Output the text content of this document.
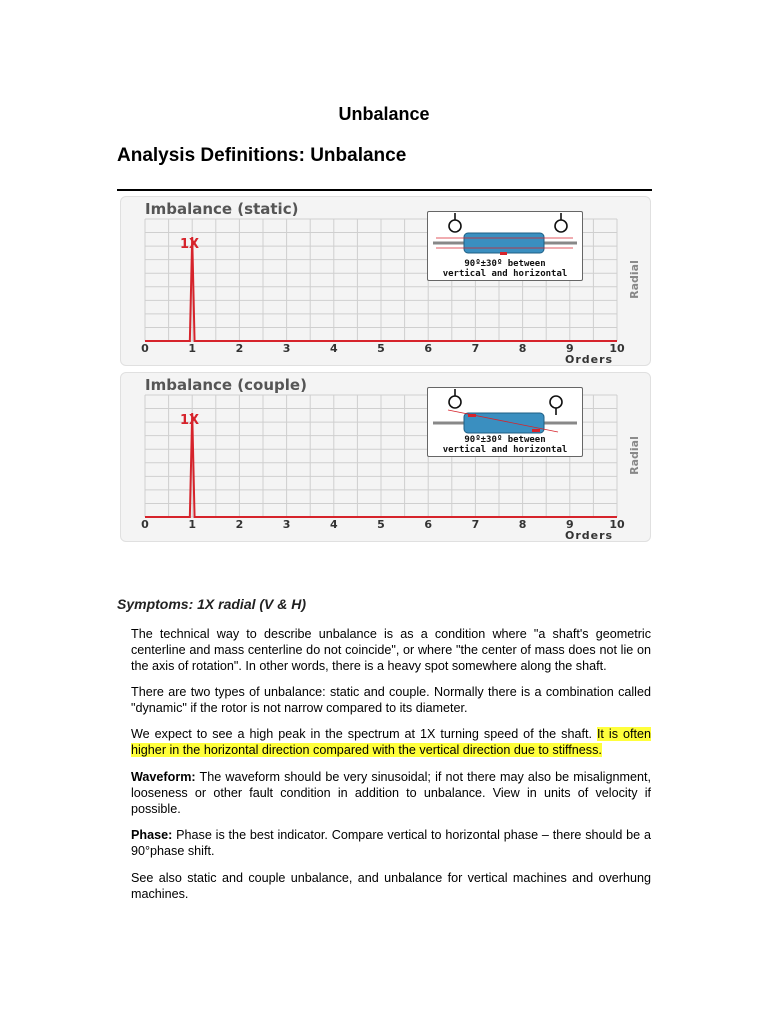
Unbalance
Analysis Definitions: Unbalance
Imbalance (static)
1X
Radial
Orders
0	1	2	3	4	5	6	7	8	9	10
90º±30º between
vertical and horizontal
Imbalance (couple)
1X
Radial
Orders
0	1	2	3	4	5	6	7	8	9	10
90º±30º between
vertical and horizontal
Symptoms: 1X radial (V & H)

The technical way to describe unbalance is as a condition where "a shaft's geometric centerline and mass centerline do not coincide", or where "the center of mass does not lie on the axis of rotation". In other words, there is a heavy spot somewhere along the shaft.

There are two types of unbalance: static and couple. Normally there is a combination called "dynamic" if the rotor is not narrow compared to its diameter.

We expect to see a high peak in the spectrum at 1X turning speed of the shaft. It is often higher in the horizontal direction compared with the vertical direction due to stiffness.

Waveform: The waveform should be very sinusoidal; if not there may also be misalignment, looseness or other fault condition in addition to unbalance. View in units of velocity if possible.

Phase: Phase is the best indicator. Compare vertical to horizontal phase – there should be a 90°phase shift.

See also static and couple unbalance, and unbalance for vertical machines and overhung machines.
